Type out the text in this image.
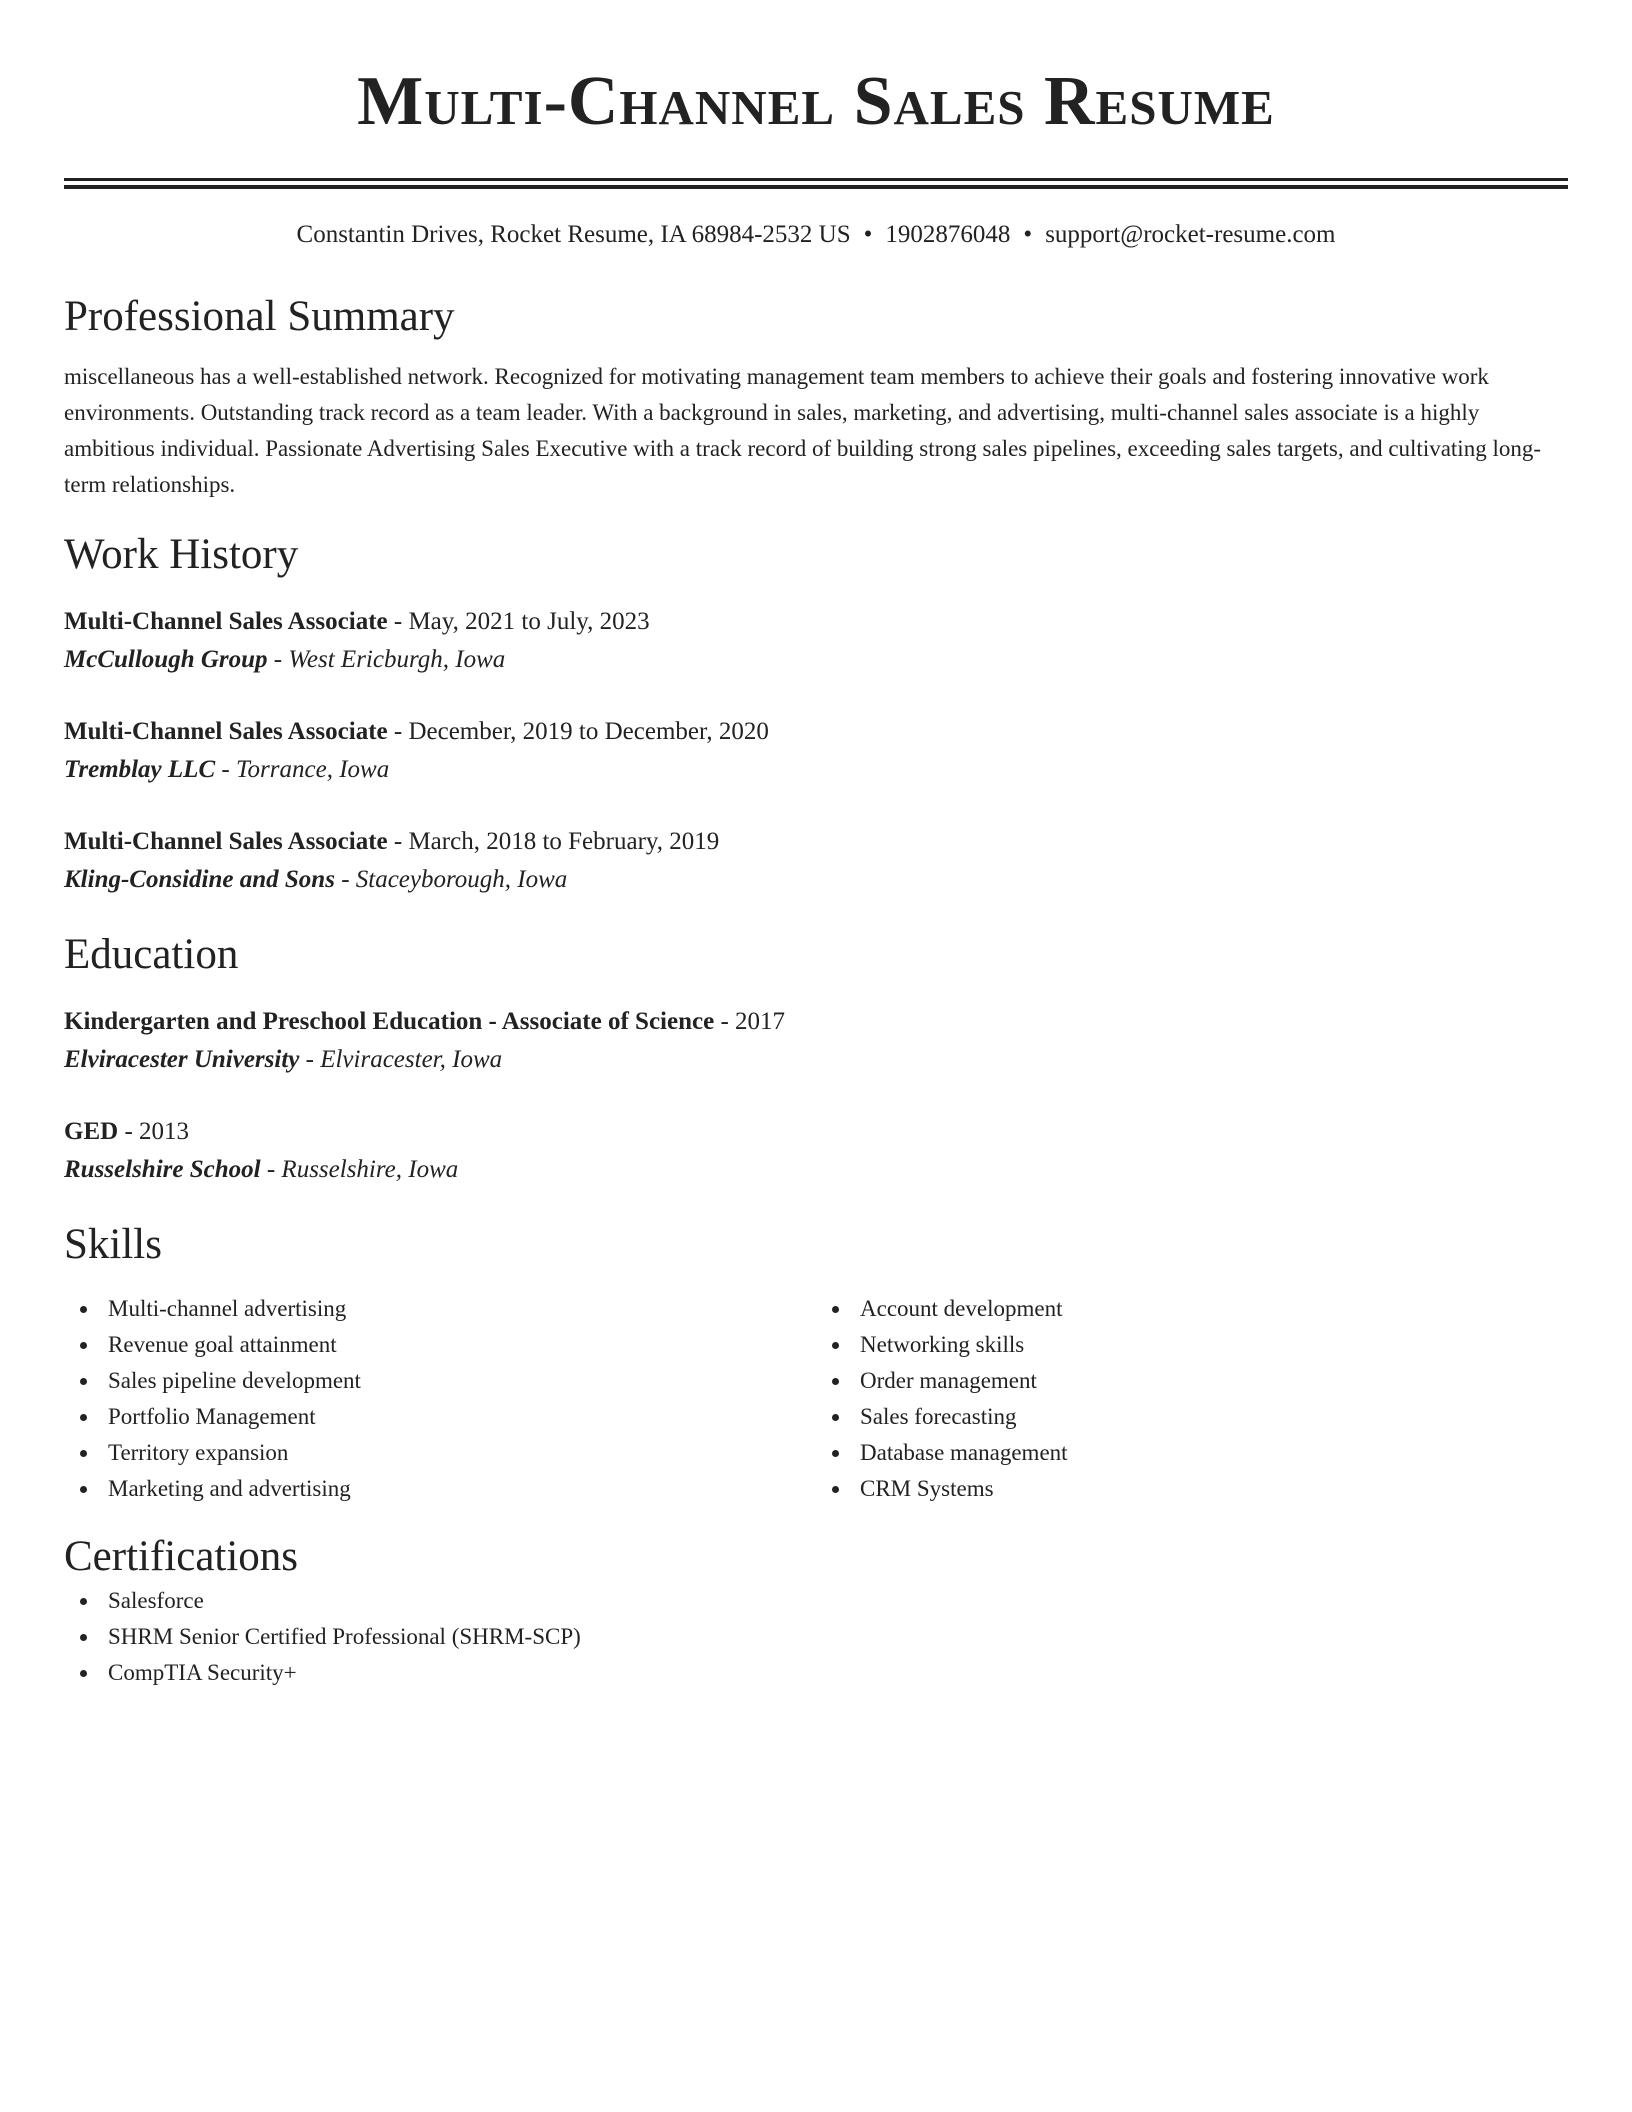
Multi-Channel Sales Resume
Constantin Drives, Rocket Resume, IA 68984-2532 US • 1902876048 • support@rocket-resume.com
Professional Summary
miscellaneous has a well-established network. Recognized for motivating management team members to achieve their goals and fostering innovative work environments. Outstanding track record as a team leader. With a background in sales, marketing, and advertising, multi-channel sales associate is a highly ambitious individual. Passionate Advertising Sales Executive with a track record of building strong sales pipelines, exceeding sales targets, and cultivating long-term relationships.
Work History
Multi-Channel Sales Associate - May, 2021 to July, 2023
McCullough Group - West Ericburgh, Iowa
Multi-Channel Sales Associate - December, 2019 to December, 2020
Tremblay LLC - Torrance, Iowa
Multi-Channel Sales Associate - March, 2018 to February, 2019
Kling-Considine and Sons - Staceyborough, Iowa
Education
Kindergarten and Preschool Education - Associate of Science - 2017
Elviracester University - Elviracester, Iowa
GED - 2013
Russelshire School - Russelshire, Iowa
Skills
Multi-channel advertising
Revenue goal attainment
Sales pipeline development
Portfolio Management
Territory expansion
Marketing and advertising
Account development
Networking skills
Order management
Sales forecasting
Database management
CRM Systems
Certifications
Salesforce
SHRM Senior Certified Professional (SHRM-SCP)
CompTIA Security+
